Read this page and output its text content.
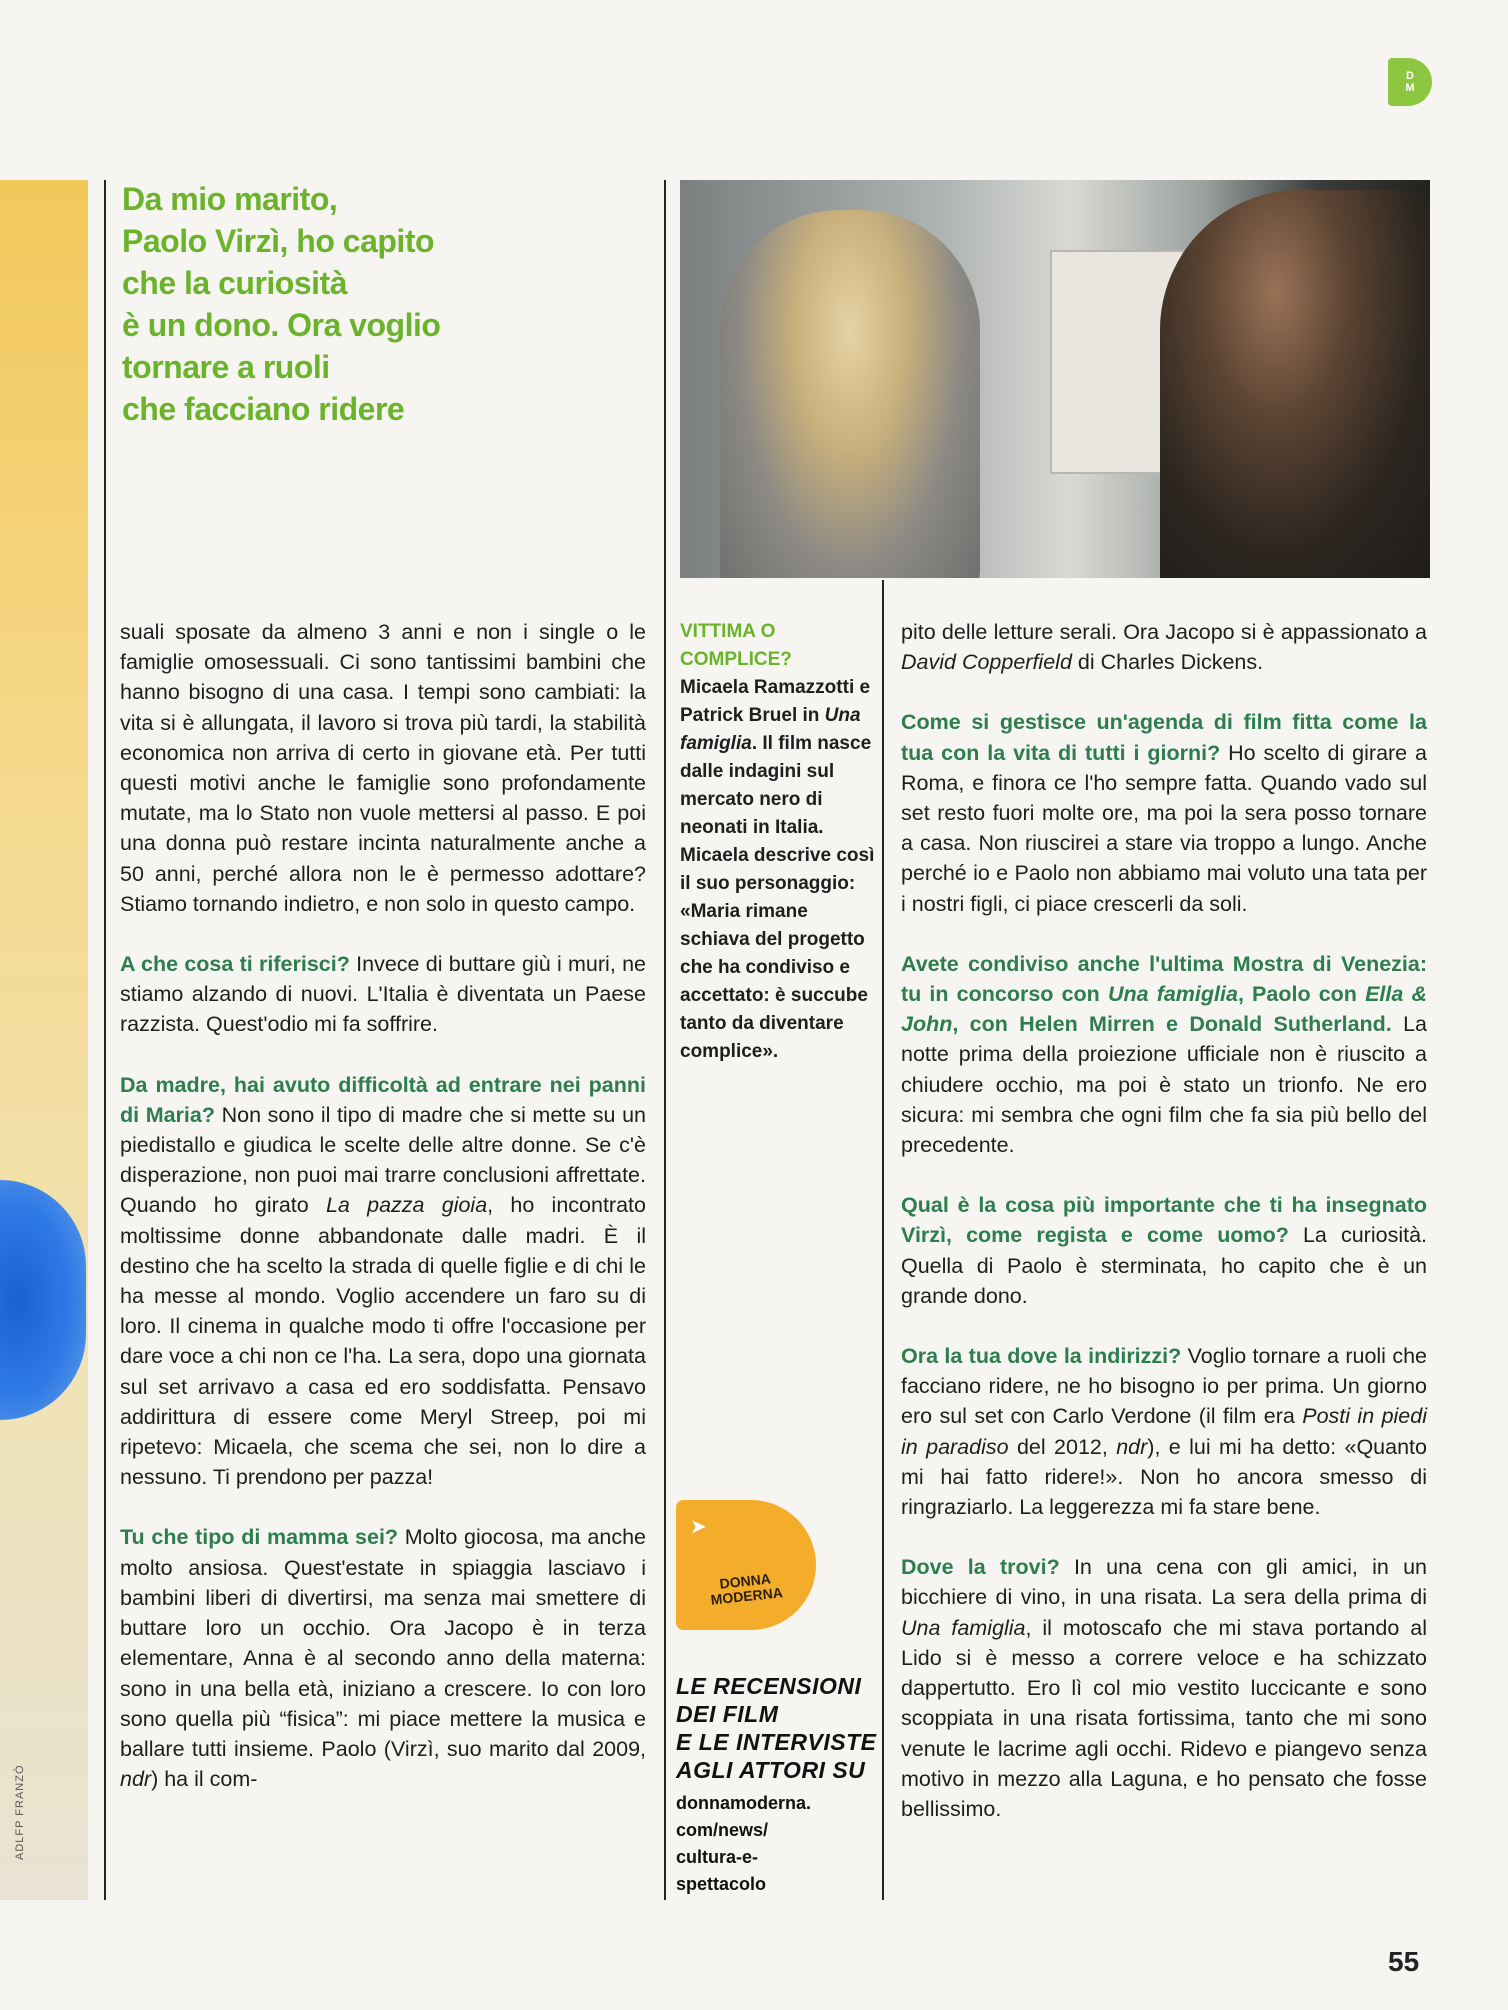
D
M
Da mio marito,
Paolo Virzì, ho capito
che la curiosità
è un dono. Ora voglio
tornare a ruoli
che facciano ridere

suali sposate da almeno 3 anni e non i single o le famiglie omosessuali. Ci sono tantissimi bambini che hanno bisogno di una casa. I tempi sono cambiati: la vita si è allungata, il lavoro si trova più tardi, la stabilità economica non arriva di certo in giovane età. Per tutti questi motivi anche le famiglie sono profondamente mutate, ma lo Stato non vuole mettersi al passo. E poi una donna può restare incinta naturalmente anche a 50 anni, perché allora non le è permesso adottare? Stiamo tornando indietro, e non solo in questo campo.

A che cosa ti riferisci? Invece di buttare giù i muri, ne stiamo alzando di nuovi. L'Italia è diventata un Paese razzista. Quest'odio mi fa soffrire.

Da madre, hai avuto difficoltà ad entrare nei panni di Maria? Non sono il tipo di madre che si mette su un piedistallo e giudica le scelte delle altre donne. Se c'è disperazione, non puoi mai trarre conclusioni affrettate. Quando ho girato La pazza gioia, ho incontrato moltissime donne abbandonate dalle madri. È il destino che ha scelto la strada di quelle figlie e di chi le ha messe al mondo. Voglio accendere un faro su di loro. Il cinema in qualche modo ti offre l'occasione per dare voce a chi non ce l'ha. La sera, dopo una giornata sul set arrivavo a casa ed ero soddisfatta. Pensavo addirittura di essere come Meryl Streep, poi mi ripetevo: Micaela, che scema che sei, non lo dire a nessuno. Ti prendono per pazza!

Tu che tipo di mamma sei? Molto giocosa, ma anche molto ansiosa. Quest'estate in spiaggia lasciavo i bambini liberi di divertirsi, ma senza mai smettere di buttare loro un occhio. Ora Jacopo è in terza elementare, Anna è al secondo anno della materna: sono in una bella età, iniziano a crescere. Io con loro sono quella più “fisica”: mi piace mettere la musica e ballare tutti insieme. Paolo (Virzì, suo marito dal 2009, ndr) ha il com-

VITTIMA O COMPLICE?
Micaela Ramazzotti e Patrick Bruel in Una famiglia. Il film nasce dalle indagini sul mercato nero di neonati in Italia. Micaela descrive così il suo personaggio: «Maria rimane schiava del progetto che ha condiviso e accettato: è succube tanto da diventare complice».
➤
DONNA MODERNA
LE RECENSIONI
DEI FILM
E LE INTERVISTE
AGLI ATTORI SU
donnamoderna.
com/news/
cultura-e-
spettacolo

pito delle letture serali. Ora Jacopo si è appassionato a David Copperfield di Charles Dickens.

Come si gestisce un'agenda di film fitta come la tua con la vita di tutti i giorni? Ho scelto di girare a Roma, e finora ce l'ho sempre fatta. Quando vado sul set resto fuori molte ore, ma poi la sera posso tornare a casa. Non riuscirei a stare via troppo a lungo. Anche perché io e Paolo non abbiamo mai voluto una tata per i nostri figli, ci piace crescerli da soli.

Avete condiviso anche l'ultima Mostra di Venezia: tu in concorso con Una famiglia, Paolo con Ella & John, con Helen Mirren e Donald Sutherland. La notte prima della proiezione ufficiale non è riuscito a chiudere occhio, ma poi è stato un trionfo. Ne ero sicura: mi sembra che ogni film che fa sia più bello del precedente.

Qual è la cosa più importante che ti ha insegnato Virzì, come regista e come uomo? La curiosità. Quella di Paolo è sterminata, ho capito che è un grande dono.

Ora la tua dove la indirizzi? Voglio tornare a ruoli che facciano ridere, ne ho bisogno io per prima. Un giorno ero sul set con Carlo Verdone (il film era Posti in piedi in paradiso del 2012, ndr), e lui mi ha detto: «Quanto mi hai fatto ridere!». Non ho ancora smesso di ringraziarlo. La leggerezza mi fa stare bene.

Dove la trovi? In una cena con gli amici, in un bicchiere di vino, in una risata. La sera della prima di Una famiglia, il motoscafo che mi stava portando al Lido si è messo a correre veloce e ha schizzato dappertutto. Ero lì col mio vestito luccicante e sono scoppiata in una risata fortissima, tanto che mi sono venute le lacrime agli occhi. Ridevo e piangevo senza motivo in mezzo alla Laguna, e ho pensato che fosse bellissimo.

ADLFP FRANZÒ
55
